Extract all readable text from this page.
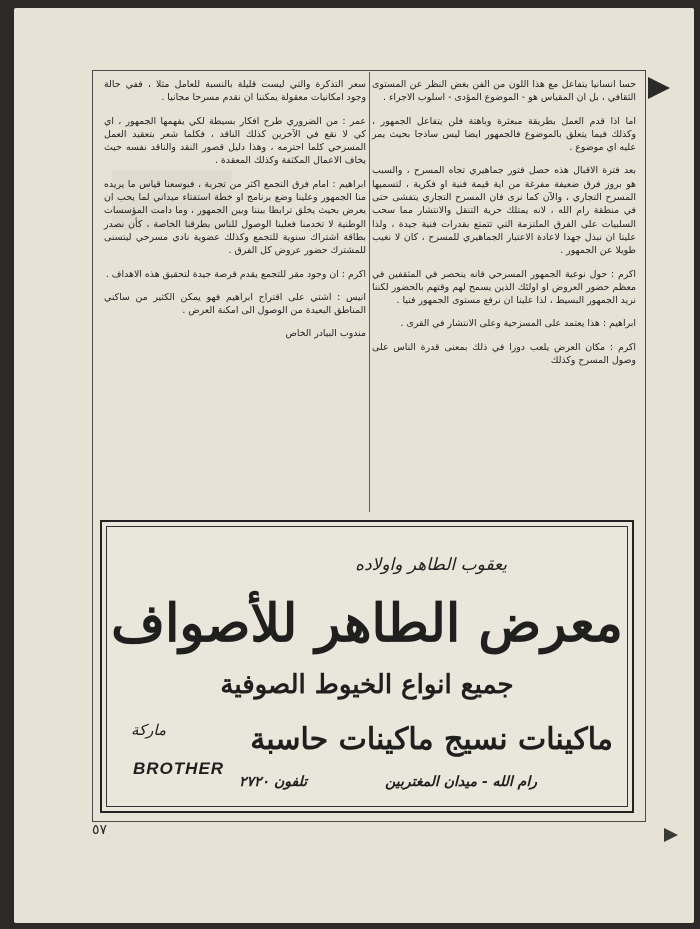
حسا انسانيا يتفاعل مع هذا اللون من الفن بغض النظر عن المستوى الثقافي ، بل ان المقياس هو - الموضوع المؤدى - اسلوب الاجراء .

اما اذا قدم العمل بطريقة مبعثرة وباهتة فلن يتفاعل الجمهور ، وكذلك فيما يتعلق بالموضوع فالجمهور ايضا ليس ساذجا بحيث يمر عليه اي موضوع .

بعد فترة الاقبال هذه حصل فتور جماهيري تجاه المسرح ، والسبب هو بروز فرق ضعيفة مفرغة من اية قيمة فنية او فكرية ، لتسميها المسرح التجاري ، والآن كما نرى فان المسرح التجاري يتفشى حتى في منطقة رام الله ، لانه يمتلك حرية التنقل والانتشار مما سحب السلبيات على الفرق الملتزمة التي تتمتع بقدرات فنية جيدة ، ولذا علينا ان نبذل جهدا لاعادة الاعتبار الجماهيري للمسرح ، كان لا نغيب طويلا عن الجمهور .

اكرم : حول نوعية الجمهور المسرحي فانه ينحصر في المثقفين في معظم حضور العروض او اولئك الذين يسمح لهم وقتهم بالحضور لكننا نريد الجمهور البسيط ، لذا علينا ان نرفع مستوى الجمهور فنيا .

ابراهيم : هذا يعتمد على المسرحية وعلى الانتشار في القرى .

اكرم : مكان العرض يلعب دورا في ذلك بمعنى قدرة الناس على وصول المسرح وكذلك

سعر التذكرة والتي ليست قليلة بالنسبة للعامل مثلا ، ففي حالة وجود امكانيات معقولة يمكننا ان نقدم مسرحا مجانيا .

عمر : من الضروري طرح افكار بسيطة لكي يفهمها الجمهور ، اي كي لا نقع في الآخرين كذلك الناقد ، فكلما شعر بتعقيد العمل المسرحي كلما احترمه ، وهذا دليل قصور النقد والناقد نفسه حيث يخاف الاعمال المكثفة وكذلك المعقدة .

ابراهيم : امام فرق التجمع اكثر من تجربة ، فبوسعنا قياس ما يريده منا الجمهور وعلينا وضع برنامج او خطة استفتاء ميداني لما يحب ان يعرض بحيث يخلق ترابطا بيننا وبين الجمهور ، وما دامت المؤسسات الوطنية لا تخدمنا فعلينا الوصول للناس بطرقنا الخاصة ، كأن نصدر بطاقة اشتراك سنوية للتجمع وكذلك عضوية نادي مسرحي ليتسنى للمشترك حضور عروض كل الفرق .

اكرم : ان وجود مقر للتجمع يقدم فرصة جيدة لتحقيق هذه الاهداف .

انيس : اشتي على اقتراح ابراهيم فهو يمكن الكثير من ساكني المناطق البعيدة من الوصول الى امكنة العرض .

مندوب البيادر الخاص

يعقوب الطاهر واولاده
معرض الطاهر للأصواف
جميع انواع الخيوط الصوفية
ماكينات نسيج ماكينات حاسبة
ماركة
BROTHER
رام الله - ميدان المغتربين
تلفون ٢٧٢٠
٥٧
